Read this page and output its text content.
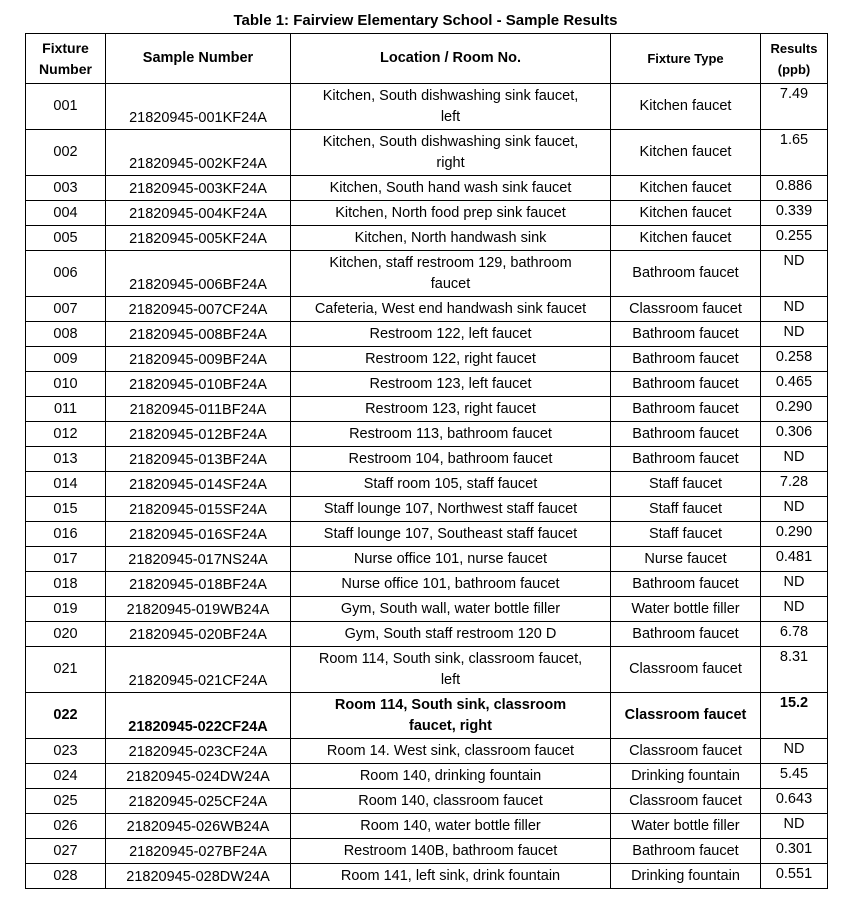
Table 1: Fairview Elementary School - Sample Results
Fixture
Number	Sample Number	Location / Room No.	Fixture Type	Results
(ppb)
001	21820945-001KF24A	Kitchen, South dishwashing sink faucet,
left	Kitchen faucet	7.49
002	21820945-002KF24A	Kitchen, South dishwashing sink faucet,
right	Kitchen faucet	1.65
003	21820945-003KF24A	Kitchen, South hand wash sink faucet	Kitchen faucet	0.886
004	21820945-004KF24A	Kitchen, North food prep sink faucet	Kitchen faucet	0.339
005	21820945-005KF24A	Kitchen, North handwash sink	Kitchen faucet	0.255
006	21820945-006BF24A	Kitchen, staff restroom 129, bathroom
faucet	Bathroom faucet	ND
007	21820945-007CF24A	Cafeteria, West end handwash sink faucet	Classroom faucet	ND
008	21820945-008BF24A	Restroom 122, left faucet	Bathroom faucet	ND
009	21820945-009BF24A	Restroom 122, right faucet	Bathroom faucet	0.258
010	21820945-010BF24A	Restroom 123, left faucet	Bathroom faucet	0.465
011	21820945-011BF24A	Restroom 123, right faucet	Bathroom faucet	0.290
012	21820945-012BF24A	Restroom 113, bathroom faucet	Bathroom faucet	0.306
013	21820945-013BF24A	Restroom 104, bathroom faucet	Bathroom faucet	ND
014	21820945-014SF24A	Staff room 105, staff faucet	Staff faucet	7.28
015	21820945-015SF24A	Staff lounge 107, Northwest staff faucet	Staff faucet	ND
016	21820945-016SF24A	Staff lounge 107, Southeast staff faucet	Staff faucet	0.290
017	21820945-017NS24A	Nurse office 101, nurse faucet	Nurse faucet	0.481
018	21820945-018BF24A	Nurse office 101, bathroom faucet	Bathroom faucet	ND
019	21820945-019WB24A	Gym, South wall, water bottle filler	Water bottle filler	ND
020	21820945-020BF24A	Gym, South staff restroom 120 D	Bathroom faucet	6.78
021	21820945-021CF24A	Room 114, South sink, classroom faucet,
left	Classroom faucet	8.31
022	21820945-022CF24A	Room 114, South sink, classroom
faucet, right	Classroom faucet	15.2
023	21820945-023CF24A	Room 14. West sink, classroom faucet	Classroom faucet	ND
024	21820945-024DW24A	Room 140, drinking fountain	Drinking fountain	5.45
025	21820945-025CF24A	Room 140, classroom faucet	Classroom faucet	0.643
026	21820945-026WB24A	Room 140, water bottle filler	Water bottle filler	ND
027	21820945-027BF24A	Restroom 140B, bathroom faucet	Bathroom faucet	0.301
028	21820945-028DW24A	Room 141, left sink, drink fountain	Drinking fountain	0.551
